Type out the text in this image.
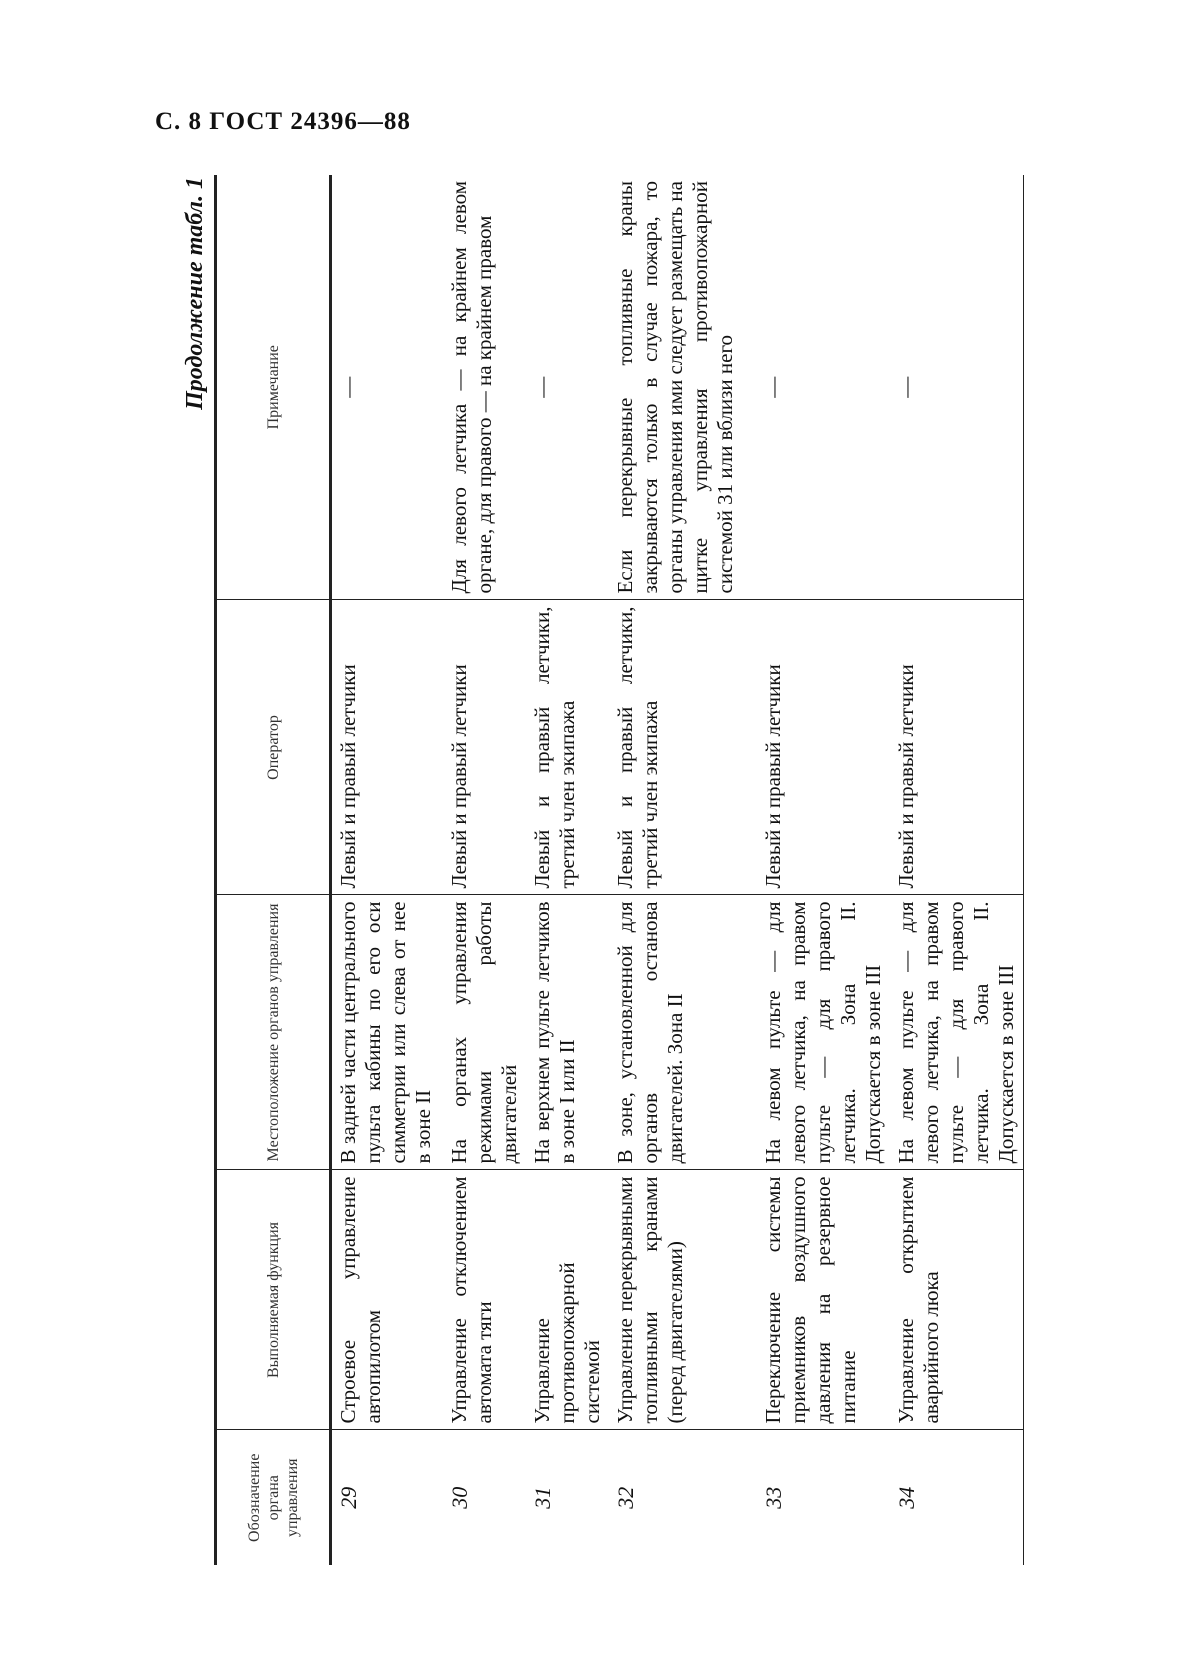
С. 8 ГОСТ 24396—88
Продолжение табл. 1
Обозначение органа управления	Выполняемая функция	Местоположение органов управления	Оператор	Примечание
29	Строевое управление автопилотом	В задней части центрального пульта кабины по его оси симметрии или слева от нее в зоне II	Левый и правый летчики	—
30	Управление отключением автомата тяги	На органах управления режимами работы двигателей	Левый и правый летчики	Для левого летчика — на крайнем левом органе, для правого — на крайнем правом
31	Управление противопожарной системой	На верхнем пульте летчиков в зоне I или II	Левый и правый летчики, третий член экипажа	—
32	Управление перекрывными топливными кранами (перед двигателями)	В зоне, установленной для органов останова двигателей. Зона II	Левый и правый летчики, третий член экипажа	Если перекрывные топливные краны закрываются только в случае пожара, то органы управления ими следует размещать на щитке управления противопожарной системой 31 или вблизи него
33	Переключение системы приемников воздушного давления на резервное питание	На левом пульте — для левого летчика, на правом пульте — для правого летчика. Зона II. Допускается в зоне III	Левый и правый летчики	—
34	Управление открытием аварийного люка	На левом пульте — для левого летчика, на правом пульте — для правого летчика. Зона II. Допускается в зоне III	Левый и правый летчики	—
